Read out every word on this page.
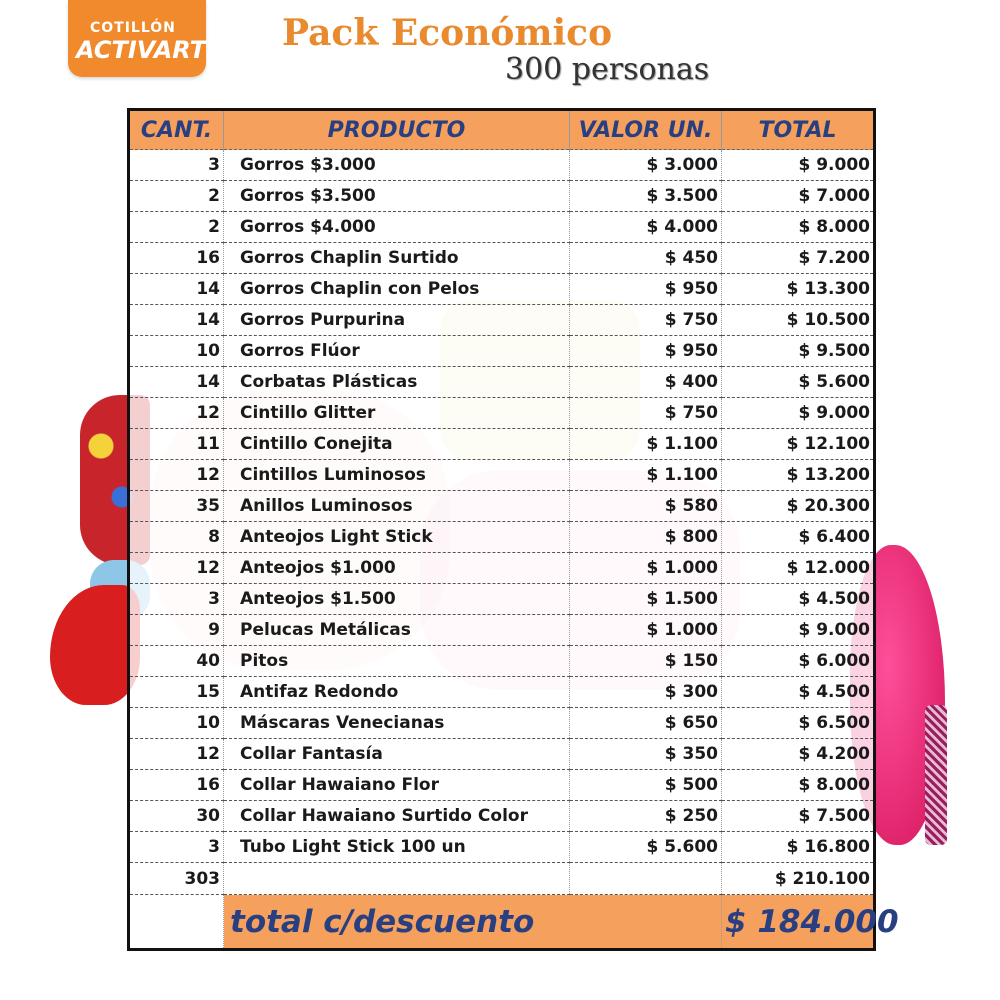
COTILLÓN
ACTIVARTE Pack Económico
300 personas
CANT.	PRODUCTO	VALOR UN.	TOTAL
3	Gorros $3.000	$ 3.000	$ 9.000
2	Gorros $3.500	$ 3.500	$ 7.000
2	Gorros $4.000	$ 4.000	$ 8.000
16	Gorros Chaplin Surtido	$ 450	$ 7.200
14	Gorros Chaplin con Pelos	$ 950	$ 13.300
14	Gorros Purpurina	$ 750	$ 10.500
10	Gorros Flúor	$ 950	$ 9.500
14	Corbatas Plásticas	$ 400	$ 5.600
12	Cintillo Glitter	$ 750	$ 9.000
11	Cintillo Conejita	$ 1.100	$ 12.100
12	Cintillos Luminosos	$ 1.100	$ 13.200
35	Anillos Luminosos	$ 580	$ 20.300
8	Anteojos Light Stick	$ 800	$ 6.400
12	Anteojos $1.000	$ 1.000	$ 12.000
3	Anteojos $1.500	$ 1.500	$ 4.500
9	Pelucas Metálicas	$ 1.000	$ 9.000
40	Pitos	$ 150	$ 6.000
15	Antifaz Redondo	$ 300	$ 4.500
10	Máscaras Venecianas	$ 650	$ 6.500
12	Collar Fantasía	$ 350	$ 4.200
16	Collar Hawaiano Flor	$ 500	$ 8.000
30	Collar Hawaiano Surtido Color	$ 250	$ 7.500
3	Tubo Light Stick 100 un	$ 5.600	$ 16.800
303			$ 210.100
	total c/descuento		$ 184.000
